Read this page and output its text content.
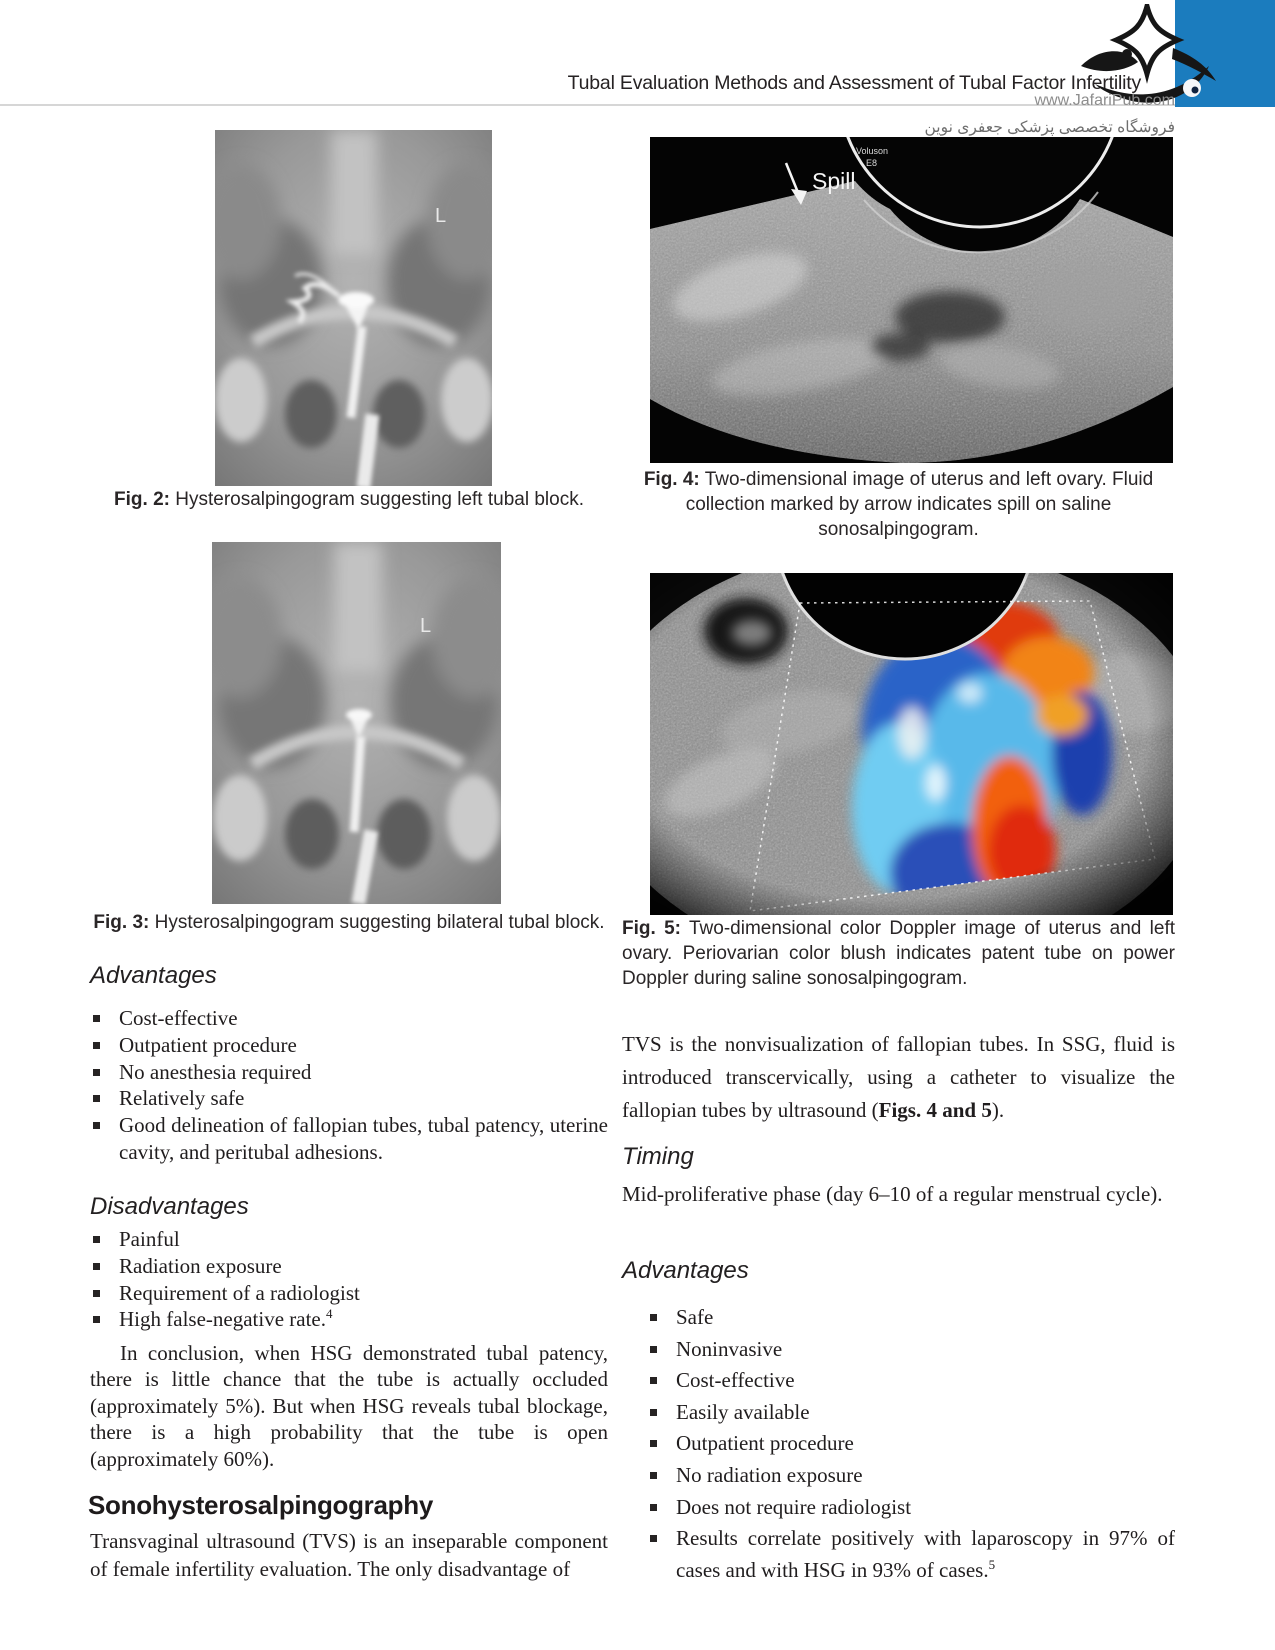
Tubal Evaluation Methods and Assessment of Tubal Factor Infertility
www.JafariPub.com
فروشگاه تخصصی پزشکی جعفری نوین
L
Fig. 2: Hysterosalpingogram suggesting left tubal block.
L
Fig. 3: Hysterosalpingogram suggesting bilateral tubal block.
Voluson
E8
Spill
Fig. 4: Two-dimensional image of uterus and left ovary. Fluid collection marked by arrow indicates spill on saline sonosalpingogram.
Fig. 5: Two-dimensional color Doppler image of uterus and left ovary. Periovarian color blush indicates patent tube on power Doppler during saline sonosalpingogram.
Advantages
Cost-effective
Outpatient procedure
No anesthesia required
Relatively safe
Good delineation of fallopian tubes, tubal patency, uterine cavity, and peritubal adhesions.
Disadvantages
Painful
Radiation exposure
Requirement of a radiologist
High false-negative rate.$^4$
In conclusion, when HSG demonstrated tubal patency, there is little chance that the tube is actually occluded (approximately 5%). But when HSG reveals tubal blockage, there is a high probability that the tube is open (approximately 60%).
Sonohysterosalpingography
Transvaginal ultrasound (TVS) is an inseparable component of female infertility evaluation. The only disadvantage of
TVS is the nonvisualization of fallopian tubes. In SSG, fluid is introduced transcervically, using a catheter to visualize the fallopian tubes by ultrasound (Figs. 4 and 5).
Timing
Mid-proliferative phase (day 6–10 of a regular menstrual cycle).
Advantages
Safe
Noninvasive
Cost-effective
Easily available
Outpatient procedure
No radiation exposure
Does not require radiologist
Results correlate positively with laparoscopy in 97% of cases and with HSG in 93% of cases.$^5$
